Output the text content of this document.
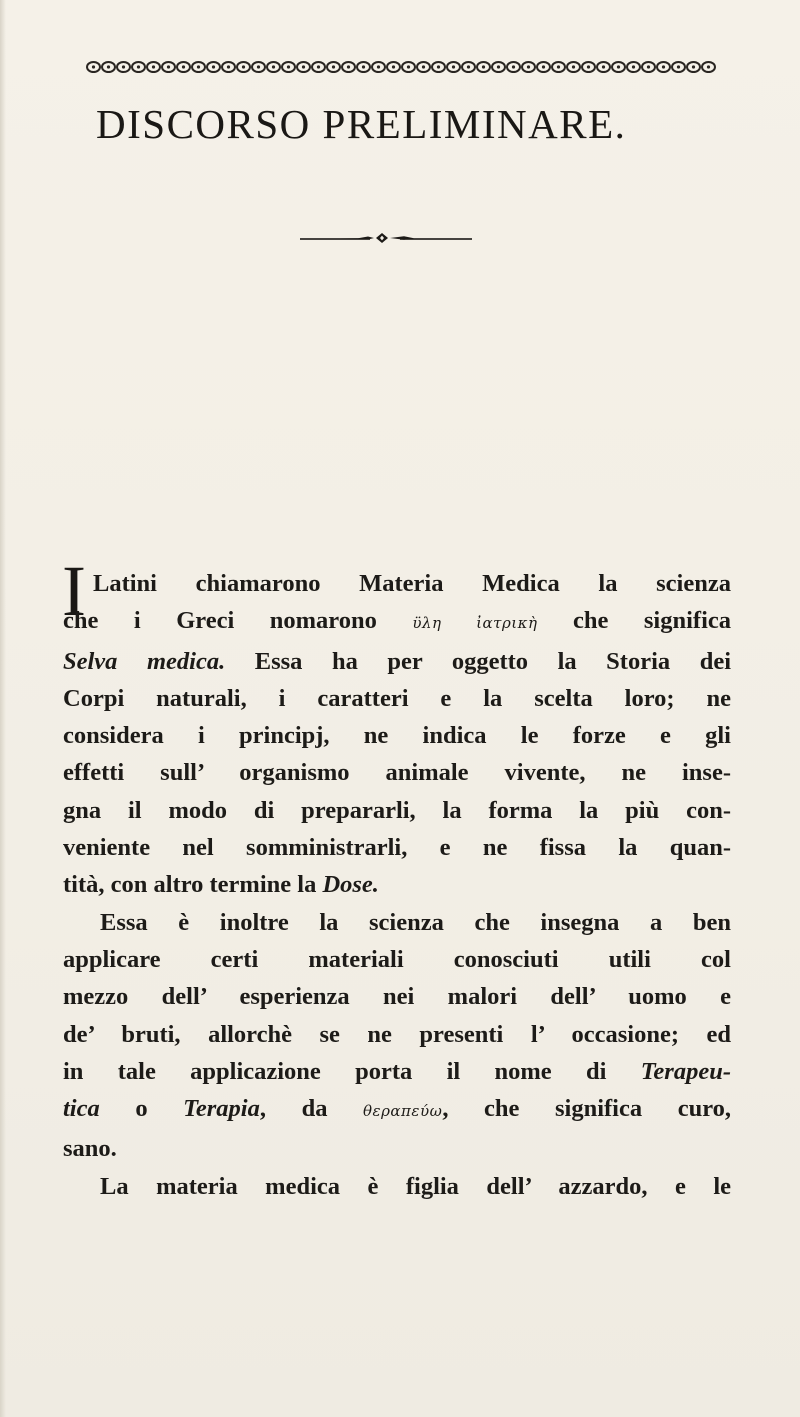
DISCORSO PRELIMINARE.
I Latini chiamarono Materia Medica la scienza
che i Greci nomarono ϋλη ἰατρικὴ che significa
Selva medica. Essa ha per oggetto la Storia dei
Corpi naturali, i caratteri e la scelta loro; ne
considera i principj, ne indica le forze e gli
effetti sull’ organismo animale vivente, ne inse-
gna il modo di prepararli, la forma la più con-
veniente nel somministrarli, e ne fissa la quan-
tità, con altro termine la Dose.

Essa è inoltre la scienza che insegna a ben
applicare certi materiali conosciuti utili col
mezzo dell’ esperienza nei malori dell’ uomo e
de’ bruti, allorchè se ne presenti l’ occasione; ed
in tale applicazione porta il nome di Terapeu-
tica o Terapia, da θεραπεύω, che significa curo,
sano.

La materia medica è figlia dell’ azzardo, e le
